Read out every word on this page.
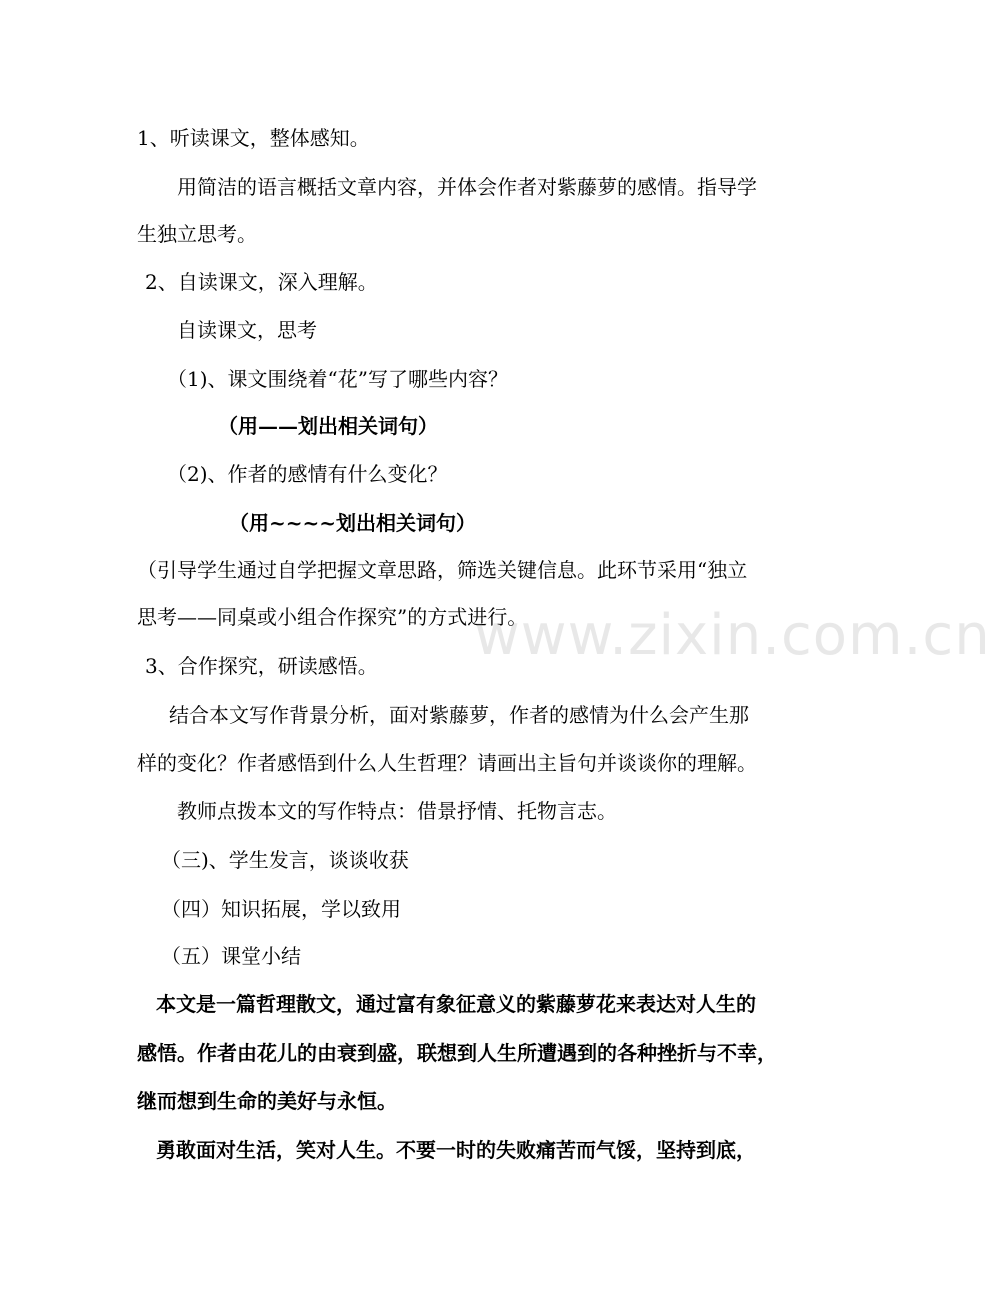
1、听读课文，整体感知。
用简洁的语言概括文章内容，并体会作者对紫藤萝的感情。指导学
生独立思考。
2、自读课文，深入理解。
自读课文，思考
（1)、课文围绕着“花”写了哪些内容？
（用——划出相关词句）
（2)、作者的感情有什么变化？
（用~~~~划出相关词句）
（引导学生通过自学把握文章思路，筛选关键信息。此环节采用“独立
思考——同桌或小组合作探究”的方式进行。
3、合作探究，研读感悟。
结合本文写作背景分析，面对紫藤萝，作者的感情为什么会产生那
样的变化？作者感悟到什么人生哲理？请画出主旨句并谈谈你的理解。
教师点拨本文的写作特点：借景抒情、托物言志。
（三)、学生发言，谈谈收获
（四）知识拓展，学以致用
（五）课堂小结
本文是一篇哲理散文，通过富有象征意义的紫藤萝花来表达对人生的
感悟。作者由花儿的由衰到盛，联想到人生所遭遇到的各种挫折与不幸，
继而想到生命的美好与永恒。
勇敢面对生活，笑对人生。不要一时的失败痛苦而气馁，坚持到底，
www.zixin.com.cn
